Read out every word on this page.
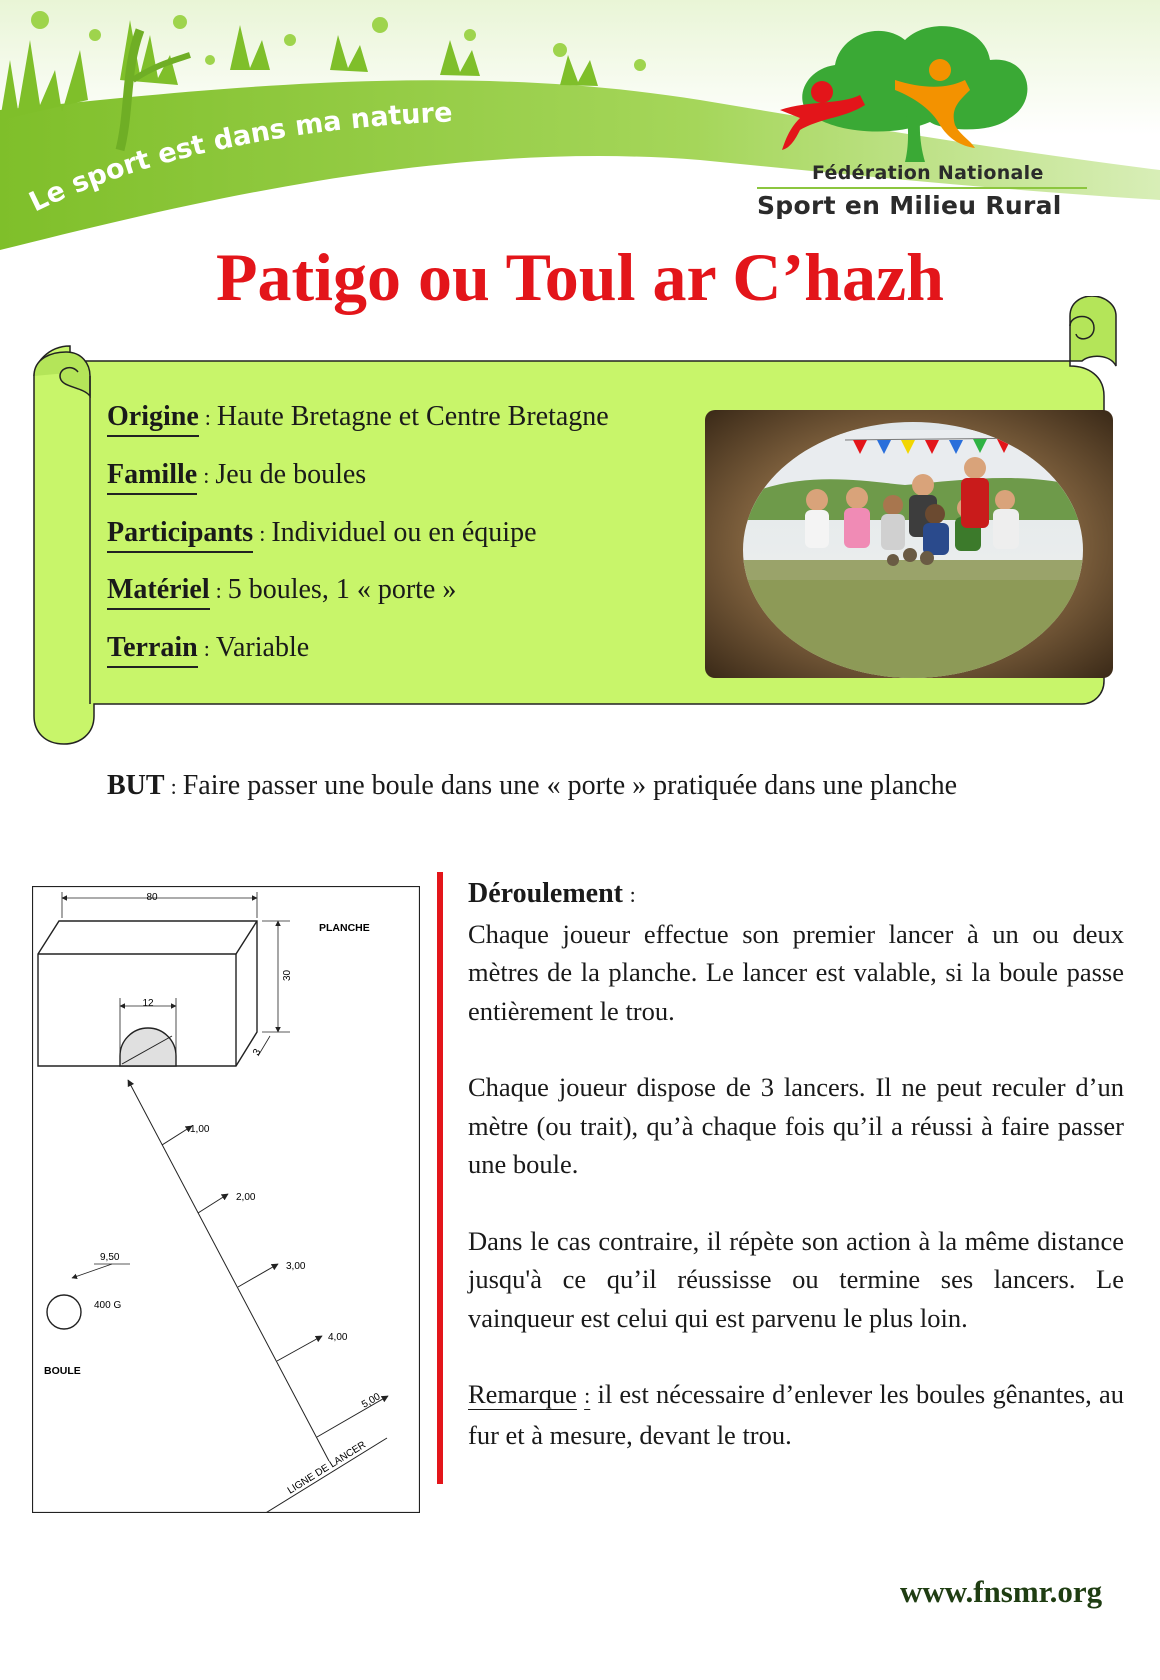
Le sport est dans ma nature
Fédération Nationale
Sport en Milieu Rural
Patigo ou Toul ar C’hazh
Origine : Haute Bretagne et Centre Bretagne
Famille : Jeu de boules
Participants : Individuel ou en équipe
Matériel : 5 boules, 1 « porte »
Terrain : Variable
BUT : Faire passer une boule dans une « porte » pratiquée dans une planche
80
12
30
3
PLANCHE
1,00
2,00
3,00
4,00
5,00
LIGNE DE LANCER
9,50
400 G
BOULE
Déroulement :

Chaque joueur effectue son premier lancer à un ou deux mètres de la planche. Le lancer est valable, si la boule passe entièrement le trou.

Chaque joueur dispose de 3 lancers. Il ne peut reculer d’un mètre (ou trait), qu’à chaque fois qu’il a réussi à faire passer une boule.

Dans le cas contraire, il répète son action à la même distance jusqu'à ce qu’il réussisse ou termine ses lancers. Le vainqueur est celui qui est parvenu le plus loin.

Remarque : il est nécessaire d’enlever les boules gênantes, au fur et à mesure, devant le trou.

www.fnsmr.org
